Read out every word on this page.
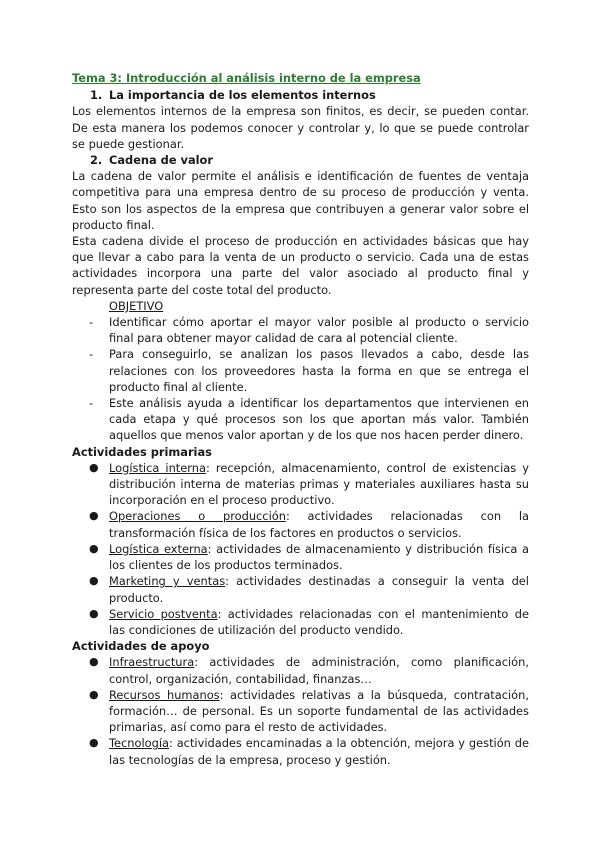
Tema 3: Introducción al análisis interno de la empresa
1. La importancia de los elementos internos

Los elementos internos de la empresa son finitos, es decir, se pueden contar. De esta manera los podemos conocer y controlar y, lo que se puede controlar se puede gestionar.

2. Cadena de valor

La cadena de valor permite el análisis e identificación de fuentes de ventaja competitiva para una empresa dentro de su proceso de producción y venta. Esto son los aspectos de la empresa que contribuyen a generar valor sobre el producto final.

Esta cadena divide el proceso de producción en actividades básicas que hay que llevar a cabo para la venta de un producto o servicio. Cada una de estas actividades incorpora una parte del valor asociado al producto final y representa parte del coste total del producto.

OBJETIVO
- Identificar cómo aportar el mayor valor posible al producto o servicio final para obtener mayor calidad de cara al potencial cliente.
- Para conseguirlo, se analizan los pasos llevados a cabo, desde las relaciones con los proveedores hasta la forma en que se entrega el producto final al cliente.
- Este análisis ayuda a identificar los departamentos que intervienen en cada etapa y qué procesos son los que aportan más valor. También aquellos que menos valor aportan y de los que nos hacen perder dinero.
Actividades primarias
● Logística interna: recepción, almacenamiento, control de existencias y distribución interna de materias primas y materiales auxiliares hasta su incorporación en el proceso productivo.
● Operaciones o producción: actividades relacionadas con la transformación física de los factores en productos o servicios.
● Logística externa: actividades de almacenamiento y distribución física a los clientes de los productos terminados.
● Marketing y ventas: actividades destinadas a conseguir la venta del producto.
● Servicio postventa: actividades relacionadas con el mantenimiento de las condiciones de utilización del producto vendido.
Actividades de apoyo
● Infraestructura: actividades de administración, como planificación, control, organización, contabilidad, finanzas…
● Recursos humanos: actividades relativas a la búsqueda, contratación, formación… de personal. Es un soporte fundamental de las actividades primarias, así como para el resto de actividades.
● Tecnología: actividades encaminadas a la obtención, mejora y gestión de las tecnologías de la empresa, proceso y gestión.
